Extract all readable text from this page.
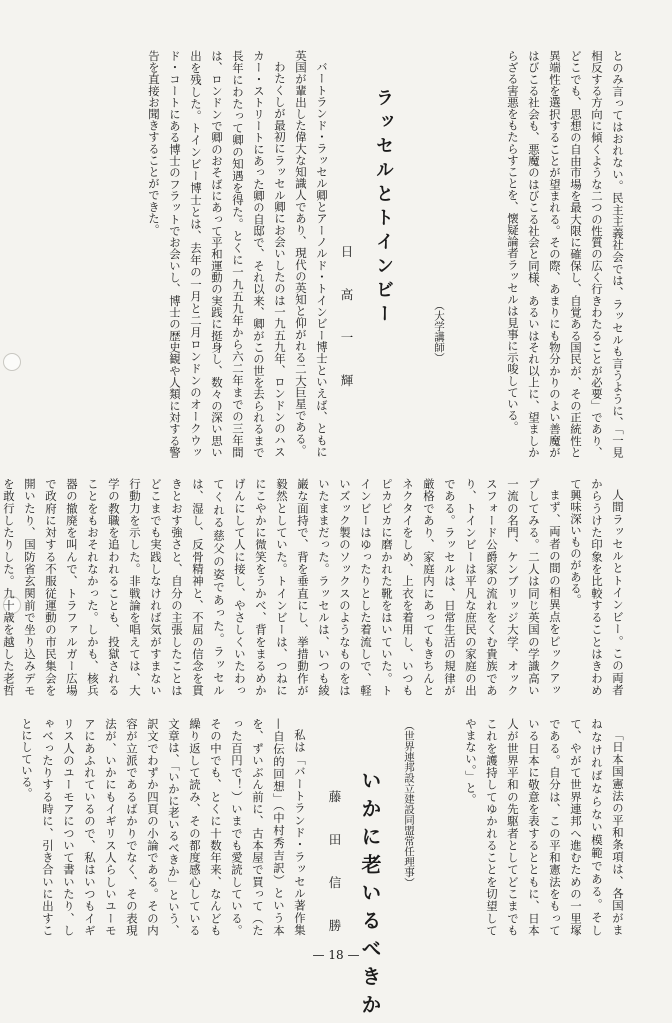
とのみ言ってはおれない。民主主義社会では、ラッセルも言うように、「一見相反する方向に傾くような二つの性質の広く行きわたることが必要」であり、どこでも、思想の自由市場を最大限に確保し、自覚ある国民が、その正統性と異端性を選択することが望まれる。その際、あまりにも物分かりのよい善魔がはびこる社会も、悪魔のはびこる社会と同様、あるいはそれ以上に、望ましからざる害悪をもたらすことを、懐疑論者ラッセルは見事に示唆している。

（大学講師）
ラッセルとトインビー
日　高　一　輝

バートランド・ラッセル卿とアーノルド・トインビー博士といえば、ともに英国が輩出した偉大な知識人であり、現代の英知と仰がれる二大巨星である。

わたくしが最初にラッセル卿にお会いしたのは一九五九年、ロンドンのハスカー・ストリートにあった卿の自邸で、それ以来、卿がこの世を去られるまで長年にわたって卿の知遇を得た。とくに一九五九年から六二年までの三年間は、ロンドンで卿のおそばにあって平和運動の実践に挺身し、数々の深い思い出を残した。トインビー博士とは、去年の一月と二月ロンドンのオークウッド・コートにある博士のフラットでお会いし、博士の歴史観や人類に対する警告を直接お聞きすることができた。

人間ラッセルとトインビー。この両者からうけた印象を比較することはきわめて興味深いものがある。

まず、両者の間の相異点をピックアップしてみる。二人は同じ英国の学識高い一流の名門、ケンブリッジ大学、オックスフォード公爵家の流れをくむ貴族であり、トインビーは平凡な庶民の家庭の出である。ラッセルは、日常生活の規律が厳格であり、家庭内にあってもきちんとネクタイをしめ、上衣を着用し、いつもピカピカに磨かれた靴をはいていた。トインビーはゆったりとした着流しで、軽いズック製のソックスのようなものをはいたままだった。ラッセルは、いつも綾巌な面持で、背を垂直にし、挙措動作が毅然としていた。トインビーは、つねににこやかに微笑をうかべ、背をまるめかげんにして人に接し、やさしくいたわってくれる慈父の姿であった。ラッセルは、湿し、反骨精神と、不屈の信念を貫きとおす強さと、自分の主張したことはどこまでも実践しなければ気がすまない行動力を示した。非戦論を唱えては、大学の教職を追われることも、投獄されることをもおそれなかった。しかも、核兵器の撤廃を叫んで、トラファルガー広場で政府に対する不服従運動の市民集会を開いたり、国防省玄関前で坐り込みデモを敢行したりした。九十歳を越した老哲

「日本国憲法の平和条項は、各国がまねなければならない模範である。そして、やがて世界連邦へ進むための一里塚である。自分は、この平和憲法をもっている日本に敬意を表するとともに、日本人が世界平和の先駆者としてどこまでもこれを護持してゆかれることを切望してやまない。」と。

（世界連邦設立建設同盟常任理事）
いかに老いるべきか
藤　田　信　勝

私は「バートランド・ラッセル著作集—自伝的回想」（中村秀吉訳）という本を、ずいぶん前に、古本屋で買って（たった百円で！）いまでも愛読している。その中でも、とくに十数年来、なんども繰り返して読み、その都度感心している文章は、「いかに老いるべきか」という、訳文でわずか四頁の小論である。その内容が立派であるばかりでなく、その表現法が、いかにもイギリス人らしいユーモアにあふれているので、私はいつもイギリス人のユーモアについて書いたり、しゃべったりする時に、引き合いに出すことにしている。

— 18 —
